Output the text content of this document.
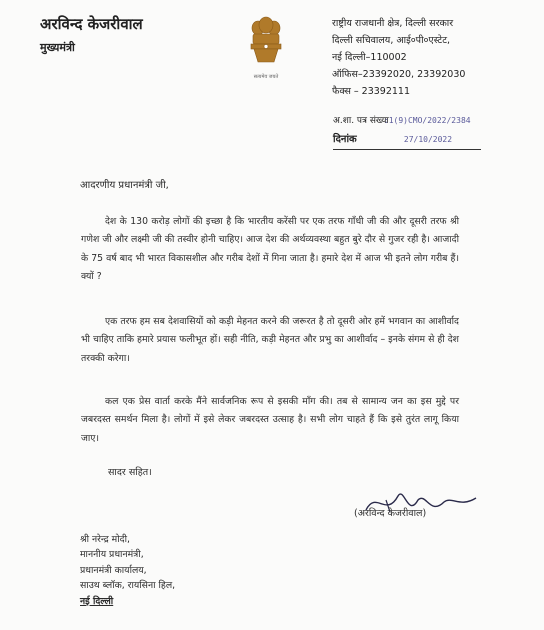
अरविन्द केजरीवाल
मुख्यमंत्री
सत्यमेव जयते
राष्ट्रीय राजधानी क्षेत्र, दिल्ली सरकार
दिल्ली सचिवालय, आई०पी०एस्टेट,
नई दिल्ली–110002
ऑफिस–23392020, 23392030
फैक्स – 23392111
अ.शा. पत्र संख्या :1(9)CMO/2022/2384
दिनांक	27/10/2022
आदरणीय प्रधानमंत्री जी,
देश के 130 करोड़ लोगों की इच्छा है कि भारतीय करेंसी पर एक तरफ गाँधी जी की और दूसरी तरफ श्री गणेश जी और लक्ष्मी जी की तस्वीर होनी चाहिए। आज देश की अर्थव्यवस्था बहुत बुरे दौर से गुजर रही है। आजादी के 75 वर्ष बाद भी भारत विकासशील और गरीब देशों में गिना जाता है। हमारे देश में आज भी इतने लोग गरीब हैं। क्यों ?
एक तरफ हम सब देशवासियों को कड़ी मेहनत करने की जरूरत है तो दूसरी ओर हमें भगवान का आशीर्वाद भी चाहिए ताकि हमारे प्रयास फलीभूत हों। सही नीति, कड़ी मेहनत और प्रभु का आशीर्वाद – इनके संगम से ही देश तरक्की करेगा।
कल एक प्रेस वार्ता करके मैंने सार्वजनिक रूप से इसकी माँग की। तब से सामान्य जन का इस मुद्दे पर जबरदस्त समर्थन मिला है। लोगों में इसे लेकर जबरदस्त उत्साह है। सभी लोग चाहते हैं कि इसे तुरंत लागू किया जाए।
सादर सहित।
(अरविन्द केजरीवाल)
श्री नरेन्द्र मोदी,
माननीय प्रधानमंत्री,
प्रधानमंत्री कार्यालय,
साउथ ब्लॉक, रायसिना हिल,
नई दिल्ली
